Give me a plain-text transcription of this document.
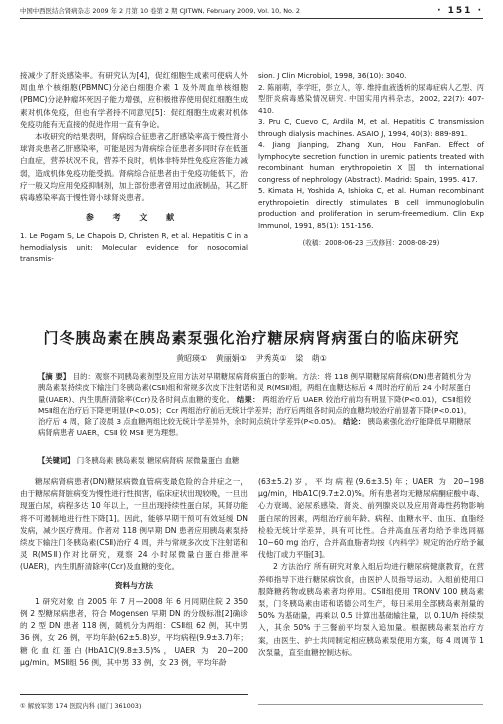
中国中西医结合肾病杂志 2009 年 2 月第 10 卷第 2 期 CJITWN, February 2009, Vol. 10, No. 2	· 151 ·

接减少了肝炎感染率。有研究认为[4]，促红细胞生成素可使病人外周血单个核细胞(PBMNC)分泌白细胞介素 1 及外周血单核细胞(PBMC)分泌肿瘤坏死因子能力增强，应积极推荐使用促红细胞生成素对机体免疫，但也有学者持不同意见[5]：促红细胞生成素对机体免疫功能有无直接的促进作用一直有争论。

本收研究的结果表明，肾病综合征患者乙肝感染率高于慢性肾小球肾炎患者乙肝感染率，可能是因为肾病综合征患者多同时存在低蛋白血症，营养状况不良，营养不良时，机体非特异性免疫应答能力减弱，造成机体免疫功能受损。肾病综合征患者由于免疫功能低下，治疗一般又均应用免疫抑制剂，加上部份患者曾用过血液制品，其乙肝病毒感染率高于慢性肾小球肾炎患者。

参 考 文 献
1. Le Pogam S, Le Chapois D, Christen R, et al. Hepatitis C in a hemodialysis unit: Molecular evidence for nosocomial transmis-
sion. J Clin Microbiol, 1998, 36(10): 3040.
2. 陈丽萌，李学旺，彭立人，等. 维持血液透析的尿毒症病人乙型、丙型肝炎病毒感染情况研究. 中国实用内科杂志，2002, 22(7): 407-410.
3. Pru C, Cuevo C, Ardila M, et al. Hepatitis C transmission through dialysis machines. ASAIO J, 1994, 40(3): 889-891.
4. Jiang Jianping, Zhang Xun, Hou FanFan. Effect of lymphocyte secretion function in uremic patients treated with recombinant human erythropoietin X 国 th international congress of nephrology (Abstract). Madrid: Spain, 1995. 417.
5. Kimata H, Yoshida A, Ishioka C, et al. Human recombinant erythropoietin directly stimulates B cell immunoglobulin production and proliferation in serum-freemedium. Clin Exp Immunol, 1991, 85(1): 151-156.
(收稿：2008-06-23 三改修回：2008-08-29)
门冬胰岛素在胰岛素泵强化治疗糖尿病肾病蛋白的临床研究
黄昭瑛① 黄丽娟① 尹秀英① 梁 萌①
【摘 要】 目的：观察不同胰岛素剂型及应用方法对早期糖尿病肾病蛋白的影响。方法：将 118 例早期糖尿病肾病(DN)患者随机分为胰岛素泵持续皮下输注门冬胰岛素(CSⅡ)组和常规多次皮下注射诺和灵 R(MSⅡ)组，两组在血糖达标后 4 周时治疗前后 24 小时尿蛋白量(UAER)、内生肌酐清除率(Ccr)及各时间点血糖的变化。 结果： 两组治疗后 UAER 较治疗前均有明显下降(P<0.01)，CSⅡ组较 MSⅡ组在治疗后下降更明显(P<0.05)；Ccr 两组治疗前后无统计学差异；治疗后两组各时间点的血糖均较治疗前显著下降(P<0.01)，治疗后 4 周，除了凌晨 3 点血糖两组比较无统计学差异外，余时间点统计学差异(P<0.05)。 结论： 胰岛素强化治疗能降低早期糖尿病肾病患者 UAER，CSⅡ 较 MSⅡ 更为理想。
【关键词】 门冬胰岛素 胰岛素泵 糖尿病肾病 尿微量蛋白 血糖

糖尿病肾病患者(DN)糖尿病微血管病变最危险的合并症之一，由于糖尿病肾脏病变为慢性进行性损害，临床症状出现较晚，一旦出现蛋白尿，病程多达 10 年以上，一旦出现持续性蛋白尿，其肾功能将不可遏制地进行性下降[1]。因此，能够早期干预可有效延缓 DN 发病，减少医疗费用。作者对 118 例早期 DN 患者应用胰岛素泵持续皮下输注门冬胰岛素(CSⅡ)治疗 4 周，并与常规多次皮下注射诺和灵 R(MSⅡ)作对比研究，观察 24 小时尿微量白蛋白排泄率(UAER)，内生肌酐清除率(Ccr)及血糖的变化。

资料与方法

1 研究对象 自 2005 年 7 月—2008 年 6 月同期住院 2 350 例 2 型糖尿病患者，符合 Mogensen 早期 DN 的分级标准[2]确诊的 2 型 DN 患者 118 例，随机分为两组：CSⅡ组 62 例，其中男 36 例，女 26 例，平均年龄(62±5.8)岁，平均病程(9.9±3.7)年；糖化血红蛋白(HbA1C)(9.8±3.5)%，UAER 为 20~200 μg/min。MSⅡ组 56 例，其中男 33 例，女 23 例，平均年龄

(63±5.2)岁，平均病程(9.6±3.5)年；UAER 为 20~198 μg/min，HbA1C(9.7±2.0)%。所有患者均无糖尿病酮症酸中毒、心力衰竭、泌尿系感染、肾炎、前列腺炎以及应用肾毒性药物影响蛋白尿的因素，两组治疗前年龄、病程、血糖水平、血压、血脂经检验无统计学差异，具有可比性。合并高血压者均给予非选同福 10~60 mg 治疗，合并高血脂者均按《内科学》规定的治疗给予氟伐他汀或力平脂[3]。

2 方法治疗 所有研究对象入组后均进行糖尿病健康教育，在营养师指导下进行糖尿病饮食，由医护人员指导运动。入组前使用口服降糖药物或胰岛素者均停用。CSⅡ组使用 TRONV 100 胰岛素泵，门冬胰岛素由诺和诺德公司生产，每日采用全部胰岛素剂量的 50% 为基础量，再乘以 0.5 计算出基础输注量，以 0.1U/h 持续泵入，其余 50% 于三餐前平均泵入追加量。根据胰岛素泵治疗方案，由医生、护士共同制定相应胰岛素泵使用方案，每 4 周调节 1 次泵量，直至血糖控制达标。

① 解放军第 174 医院内科 (厦门 361003)
